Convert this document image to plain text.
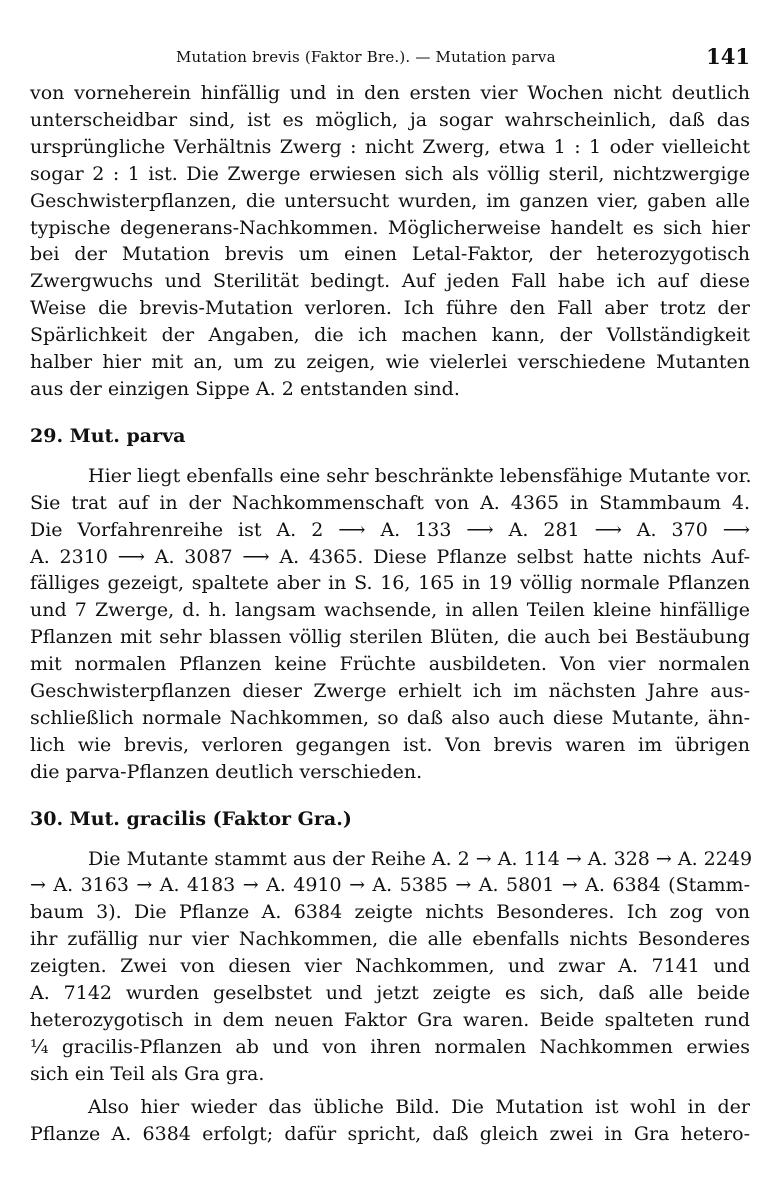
Mutation brevis (Faktor Bre.). — Mutation parva	141
von vorneherein hinfällig und in den ersten vier Wochen nicht deutlich
unterscheidbar sind, ist es möglich, ja sogar wahrscheinlich, daß das
ursprüngliche Verhältnis Zwerg : nicht Zwerg, etwa 1 : 1 oder vielleicht
sogar 2 : 1 ist. Die Zwerge erwiesen sich als völlig steril, nichtzwergige
Geschwisterpflanzen, die untersucht wurden, im ganzen vier, gaben alle
typische degenerans-Nachkommen. Möglicherweise handelt es sich hier
bei der Mutation brevis um einen Letal-Faktor, der heterozygotisch
Zwergwuchs und Sterilität bedingt. Auf jeden Fall habe ich auf diese
Weise die brevis-Mutation verloren. Ich führe den Fall aber trotz der
Spärlichkeit der Angaben, die ich machen kann, der Vollständigkeit
halber hier mit an, um zu zeigen, wie vielerlei verschiedene Mutanten
aus der einzigen Sippe A. 2 entstanden sind.
29. Mut. parva
Hier liegt ebenfalls eine sehr beschränkte lebensfähige Mutante vor.
Sie trat auf in der Nachkommenschaft von A. 4365 in Stammbaum 4.
Die Vorfahrenreihe ist A. 2 ⟶ A. 133 ⟶ A. 281 ⟶ A. 370 ⟶
A. 2310 ⟶ A. 3087 ⟶ A. 4365. Diese Pflanze selbst hatte nichts Auf-
fälliges gezeigt, spaltete aber in S. 16, 165 in 19 völlig normale Pflanzen
und 7 Zwerge, d. h. langsam wachsende, in allen Teilen kleine hinfällige
Pflanzen mit sehr blassen völlig sterilen Blüten, die auch bei Bestäubung
mit normalen Pflanzen keine Früchte ausbildeten. Von vier normalen
Geschwisterpflanzen dieser Zwerge erhielt ich im nächsten Jahre aus-
schließlich normale Nachkommen, so daß also auch diese Mutante, ähn-
lich wie brevis, verloren gegangen ist. Von brevis waren im übrigen
die parva-Pflanzen deutlich verschieden.
30. Mut. gracilis (Faktor Gra.)
Die Mutante stammt aus der Reihe A. 2 → A. 114 → A. 328 → A. 2249
→ A. 3163 → A. 4183 → A. 4910 → A. 5385 → A. 5801 → A. 6384 (Stamm-
baum 3). Die Pflanze A. 6384 zeigte nichts Besonderes. Ich zog von
ihr zufällig nur vier Nachkommen, die alle ebenfalls nichts Besonderes
zeigten. Zwei von diesen vier Nachkommen, und zwar A. 7141 und
A. 7142 wurden geselbstet und jetzt zeigte es sich, daß alle beide
heterozygotisch in dem neuen Faktor Gra waren. Beide spalteten rund
¼ gracilis-Pflanzen ab und von ihren normalen Nachkommen erwies
sich ein Teil als Gra gra.
Also hier wieder das übliche Bild. Die Mutation ist wohl in der
Pflanze A. 6384 erfolgt; dafür spricht, daß gleich zwei in Gra hetero-
